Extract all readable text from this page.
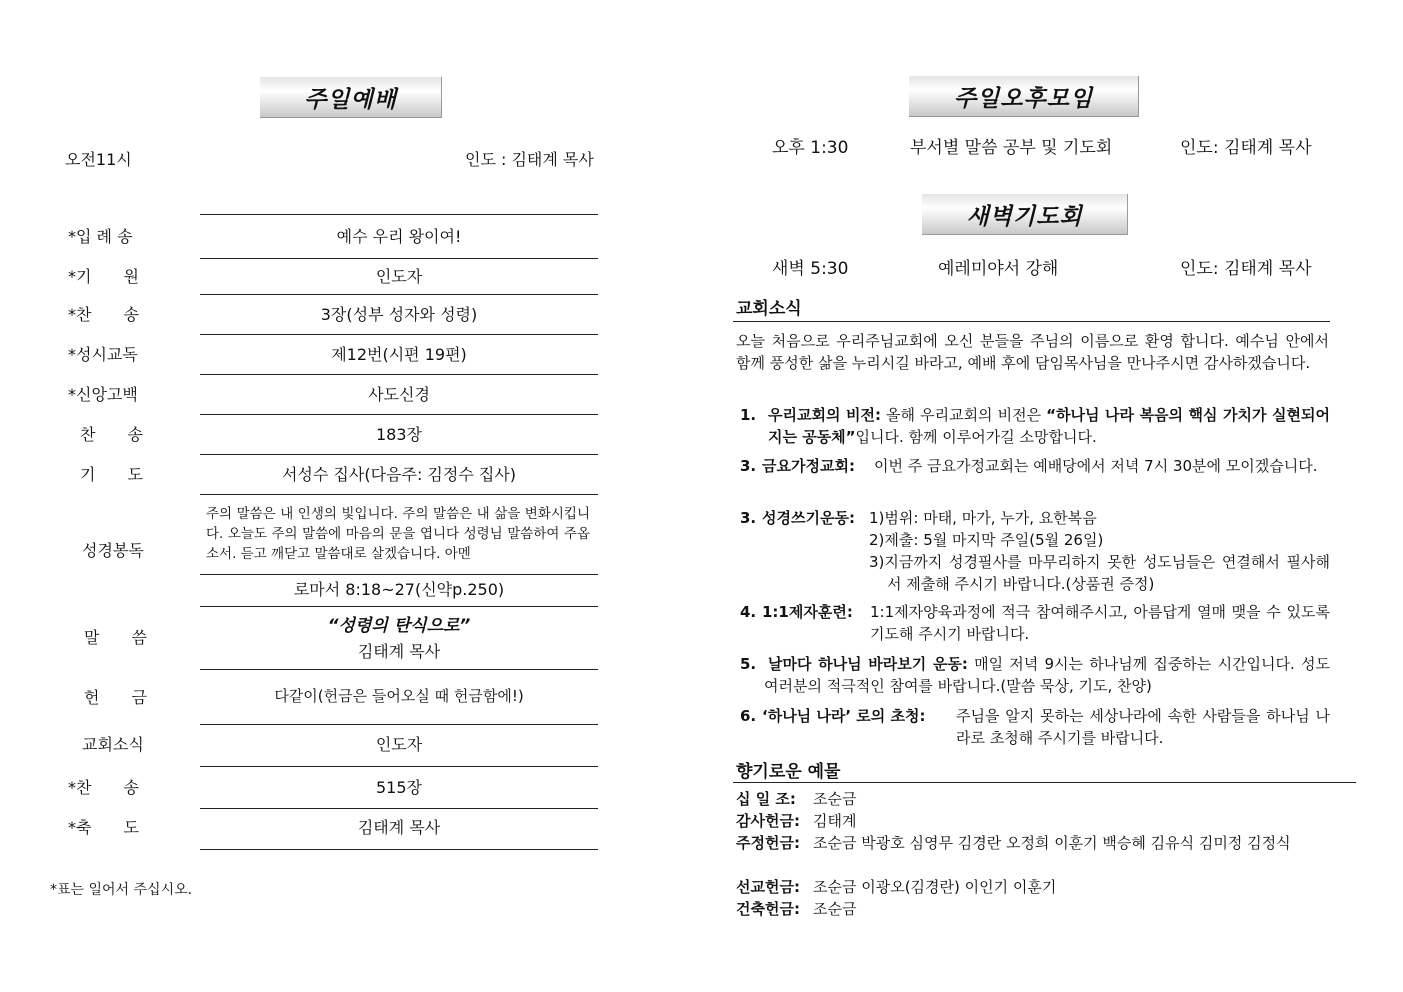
주일예배
오전11시	인도 : 김태계 목사
*입 례 송	예수 우리 왕이여!
*기　　원	인도자
*찬　　송	3장(성부 성자와 성령)
*성시교독	제12번(시편 19편)
*신앙고백	사도신경
찬　　송	183장
기　　도	서성수 집사(다음주: 김정수 집사)
성경봉독
주의 말씀은 내 인생의 빛입니다. 주의 말씀은 내 삶을 변화시킵니다. 오늘도 주의 말씀에 마음의 문을 엽니다 성령님 말씀하여 주옵소서. 듣고 깨닫고 말씀대로 살겠습니다. 아멘
로마서 8:18~27(신약p.250)
말　　씀
“성령의 탄식으로”
김태계 목사
헌　　금	다같이(헌금은 들어오실 때 헌금함에!)
교회소식	인도자
*찬　　송	515장
*축　　도	김태계 목사
*표는 일어서 주십시오.
주일오후모임
오후 1:30	부서별 말씀 공부 및 기도회	인도: 김태계 목사
새벽기도회
새벽 5:30	예레미야서 강해	인도: 김태계 목사
교회소식
오늘 처음으로 우리주님교회에 오신 분들을 주님의 이름으로 환영 합니다. 예수님 안에서 함께 풍성한 삶을 누리시길 바라고, 예배 후에 담임목사님을 만나주시면 감사하겠습니다.
1. 우리교회의 비전: 올해 우리교회의 비전은 “하나님 나라 복음의 핵심 가치가 실현되어지는 공동체”입니다. 함께 이루어가길 소망합니다.
3. 금요가정교회: 이번 주 금요가정교회는 예배당에서 저녁 7시 30분에 모이겠습니다.
3. 성경쓰기운동: 1)범위: 마태, 마가, 누가, 요한복음
2)제출: 5월 마지막 주일(5월 26일)
3)지금까지 성경필사를 마무리하지 못한 성도님들은 연결해서 필사해서 제출해 주시기 바랍니다.(상품권 증정)
4. 1:1제자훈련: 1:1제자양육과정에 적극 참여해주시고, 아름답게 열매 맺을 수 있도록 기도해 주시기 바랍니다.
5. 날마다 하나님 바라보기 운동: 매일 저녁 9시는 하나님께 집중하는 시간입니다. 성도 여러분의 적극적인 참여를 바랍니다.(말씀 묵상, 기도, 찬양)
6. ‘하나님 나라’ 로의 초청: 주님을 알지 못하는 세상나라에 속한 사람들을 하나님 나라로 초청해 주시기를 바랍니다.
향기로운 예물
십 일 조: 조순금
감사헌금: 김태계
주정헌금: 조순금 박광호 심영무 김경란 오정희 이훈기 백승혜 김유식 김미정 김정식
선교헌금: 조순금 이광오(김경란) 이인기 이훈기
건축헌금: 조순금
